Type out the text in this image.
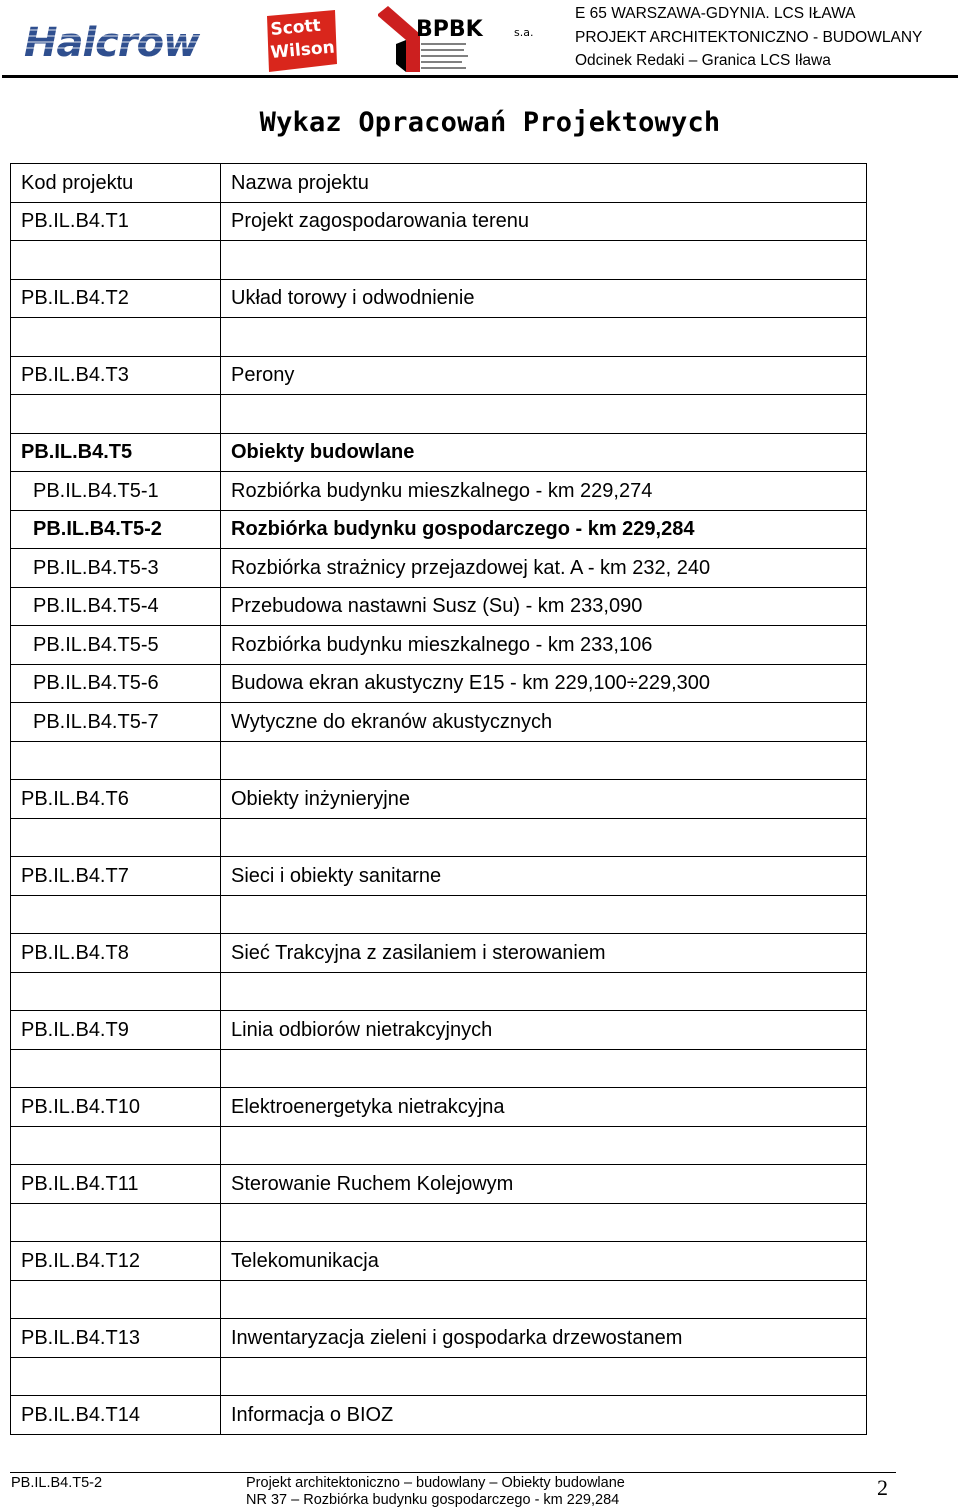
Halcrow	Scott
Wilson
BPBK	s.a.
E 65 WARSZAWA-GDYNIA. LCS IŁAWA
PROJEKT ARCHITEKTONICZNO - BUDOWLANY
Odcinek Redaki – Granica LCS Iława
Wykaz Opracowań Projektowych
Kod projektu	Nazwa projektu
PB.IL.B4.T1	Projekt zagospodarowania terenu

PB.IL.B4.T2	Układ torowy i odwodnienie

PB.IL.B4.T3	Perony

PB.IL.B4.T5	Obiekty budowlane
PB.IL.B4.T5-1	Rozbiórka budynku mieszkalnego - km 229,274
PB.IL.B4.T5-2	Rozbiórka budynku gospodarczego - km 229,284
PB.IL.B4.T5-3	Rozbiórka strażnicy przejazdowej kat. A - km 232, 240
PB.IL.B4.T5-4	Przebudowa nastawni Susz (Su) - km 233,090
PB.IL.B4.T5-5	Rozbiórka budynku mieszkalnego - km 233,106
PB.IL.B4.T5-6	Budowa ekran akustyczny E15 - km 229,100÷229,300
PB.IL.B4.T5-7	Wytyczne do ekranów akustycznych

PB.IL.B4.T6	Obiekty inżynieryjne

PB.IL.B4.T7	Sieci i obiekty sanitarne

PB.IL.B4.T8	Sieć Trakcyjna z zasilaniem i sterowaniem

PB.IL.B4.T9	Linia odbiorów nietrakcyjnych

PB.IL.B4.T10	Elektroenergetyka nietrakcyjna

PB.IL.B4.T11	Sterowanie Ruchem Kolejowym

PB.IL.B4.T12	Telekomunikacja

PB.IL.B4.T13	Inwentaryzacja zieleni i gospodarka drzewostanem

PB.IL.B4.T14	Informacja o BIOZ
PB.IL.B4.T5-2	Projekt architektoniczno – budowlany – Obiekty budowlane
NR 37 – Rozbiórka budynku gospodarczego - km 229,284	2
